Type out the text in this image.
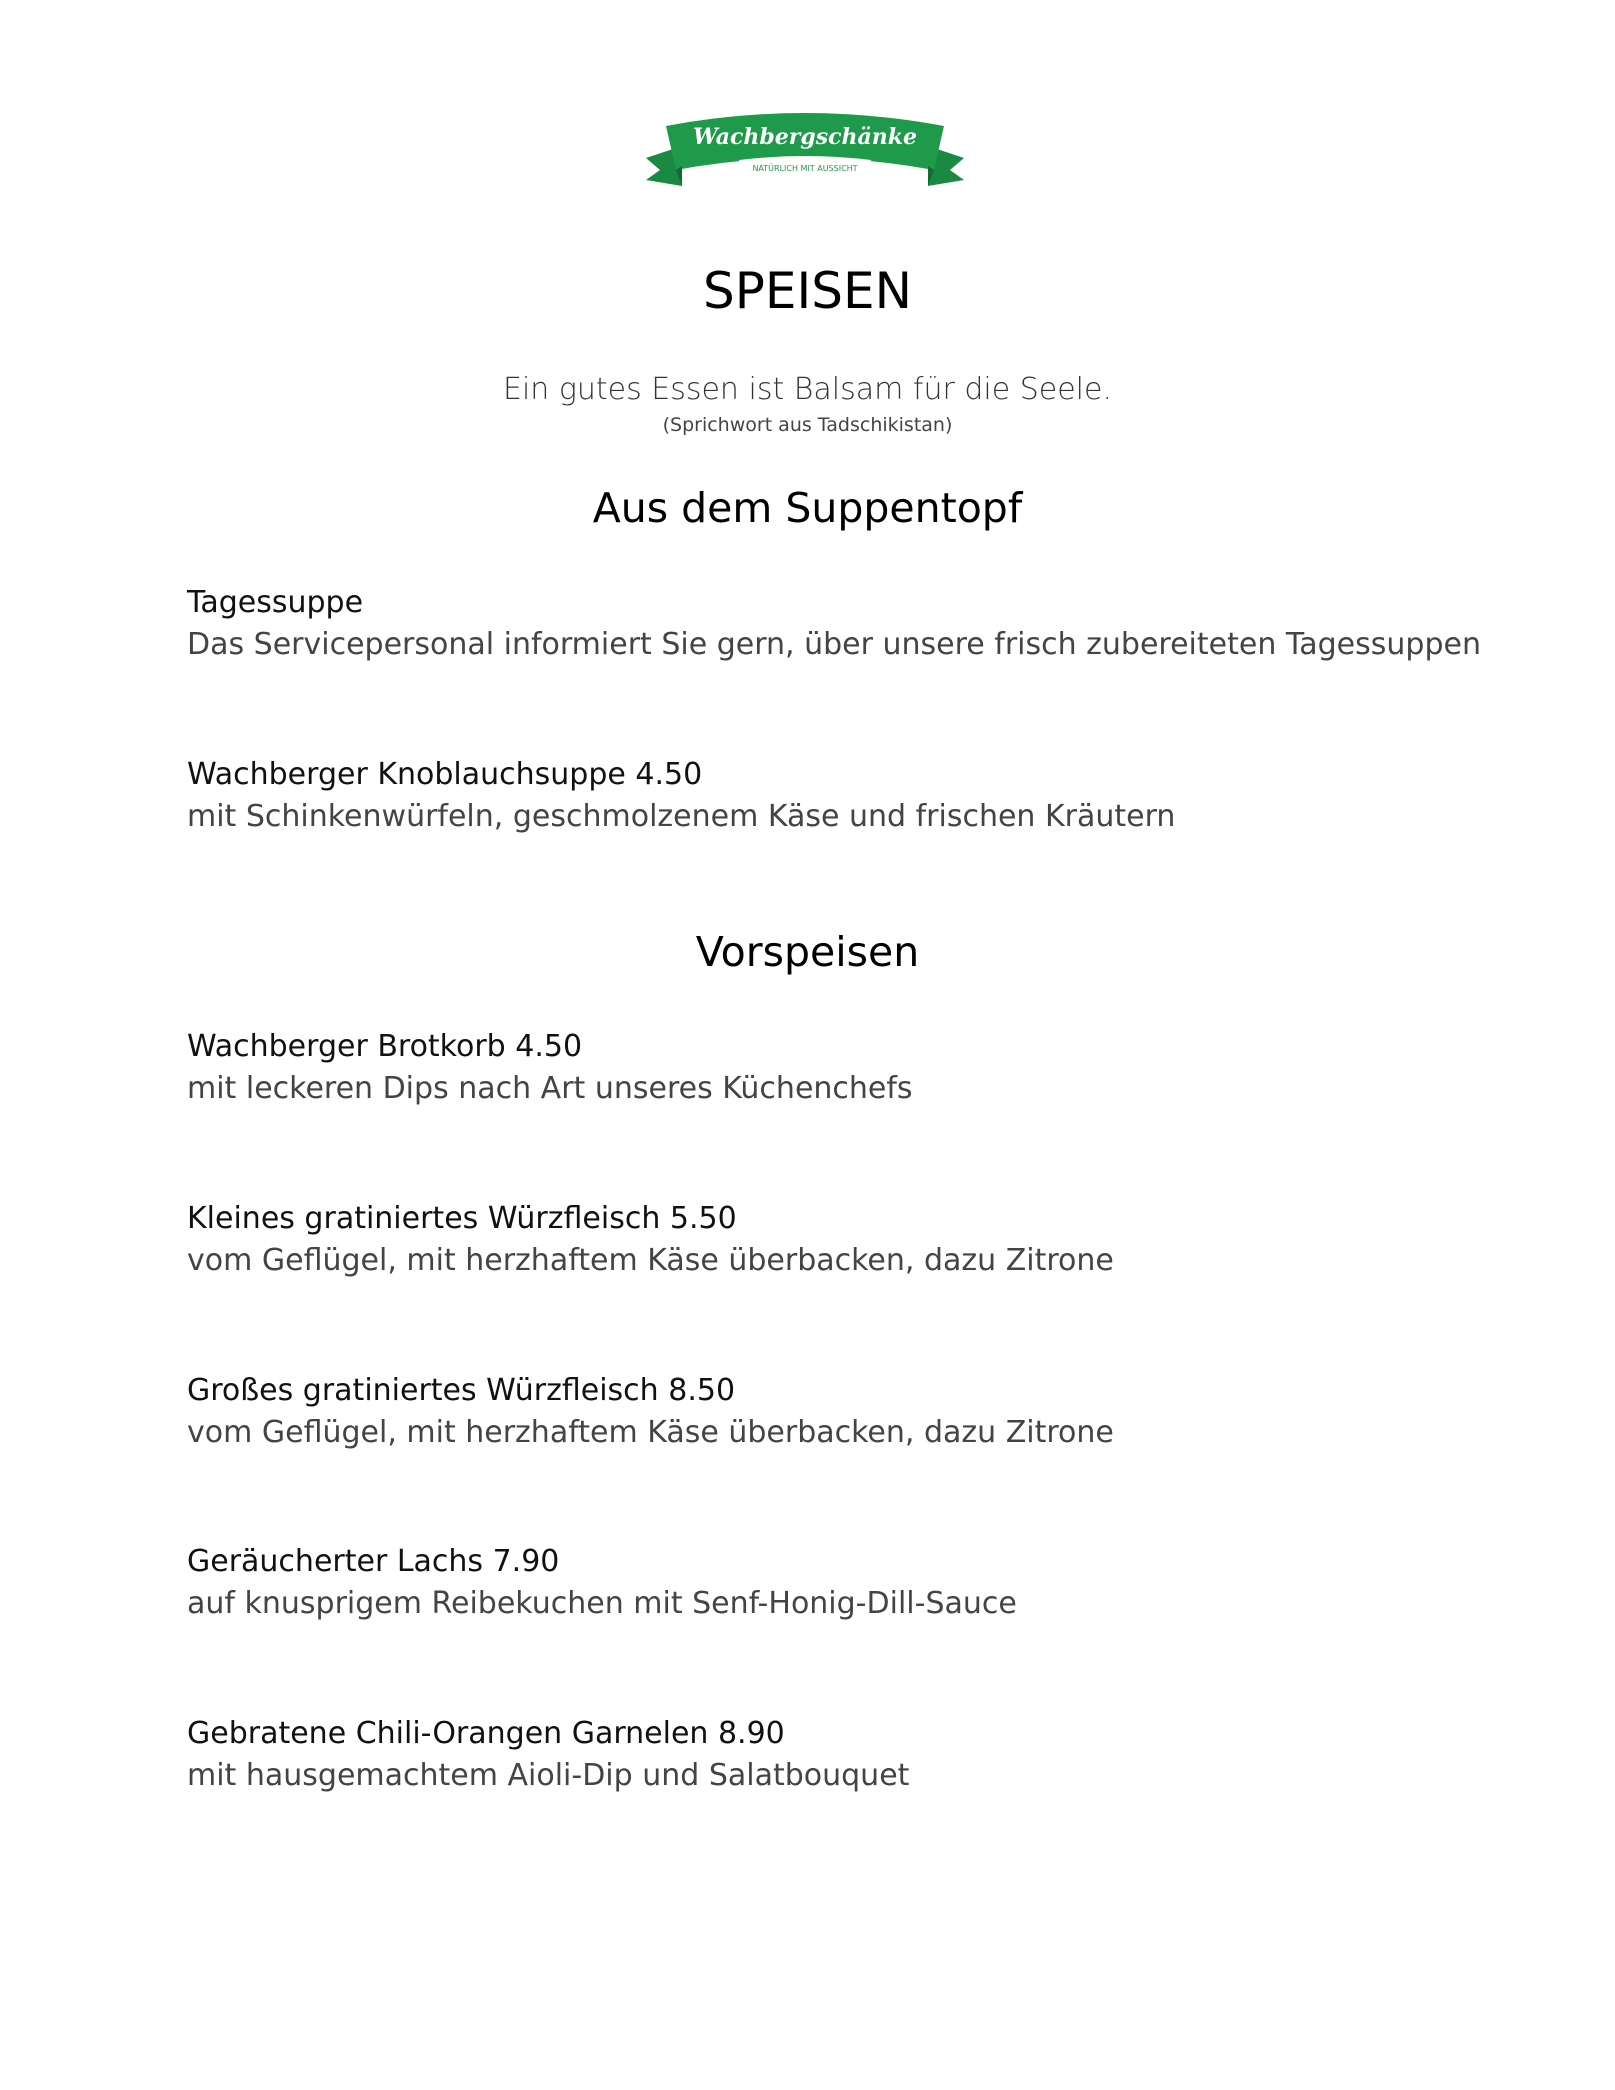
Wachbergschänke
NATÜRLICH MIT AUSSICHT
SPEISEN
Ein gutes Essen ist Balsam für die Seele.
(Sprichwort aus Tadschikistan)
Aus dem Suppentopf
Tagessuppe
Das Servicepersonal informiert Sie gern, über unsere frisch zubereiteten Tagessuppen
Wachberger Knoblauchsuppe 4.50
mit Schinkenwürfeln, geschmolzenem Käse und frischen Kräutern
Vorspeisen
Wachberger Brotkorb 4.50
mit leckeren Dips nach Art unseres Küchenchefs
Kleines gratiniertes Würzfleisch 5.50
vom Geflügel, mit herzhaftem Käse überbacken, dazu Zitrone
Großes gratiniertes Würzfleisch 8.50
vom Geflügel, mit herzhaftem Käse überbacken, dazu Zitrone
Geräucherter Lachs 7.90
auf knusprigem Reibekuchen mit Senf-Honig-Dill-Sauce
Gebratene Chili-Orangen Garnelen 8.90
mit hausgemachtem Aioli-Dip und Salatbouquet
